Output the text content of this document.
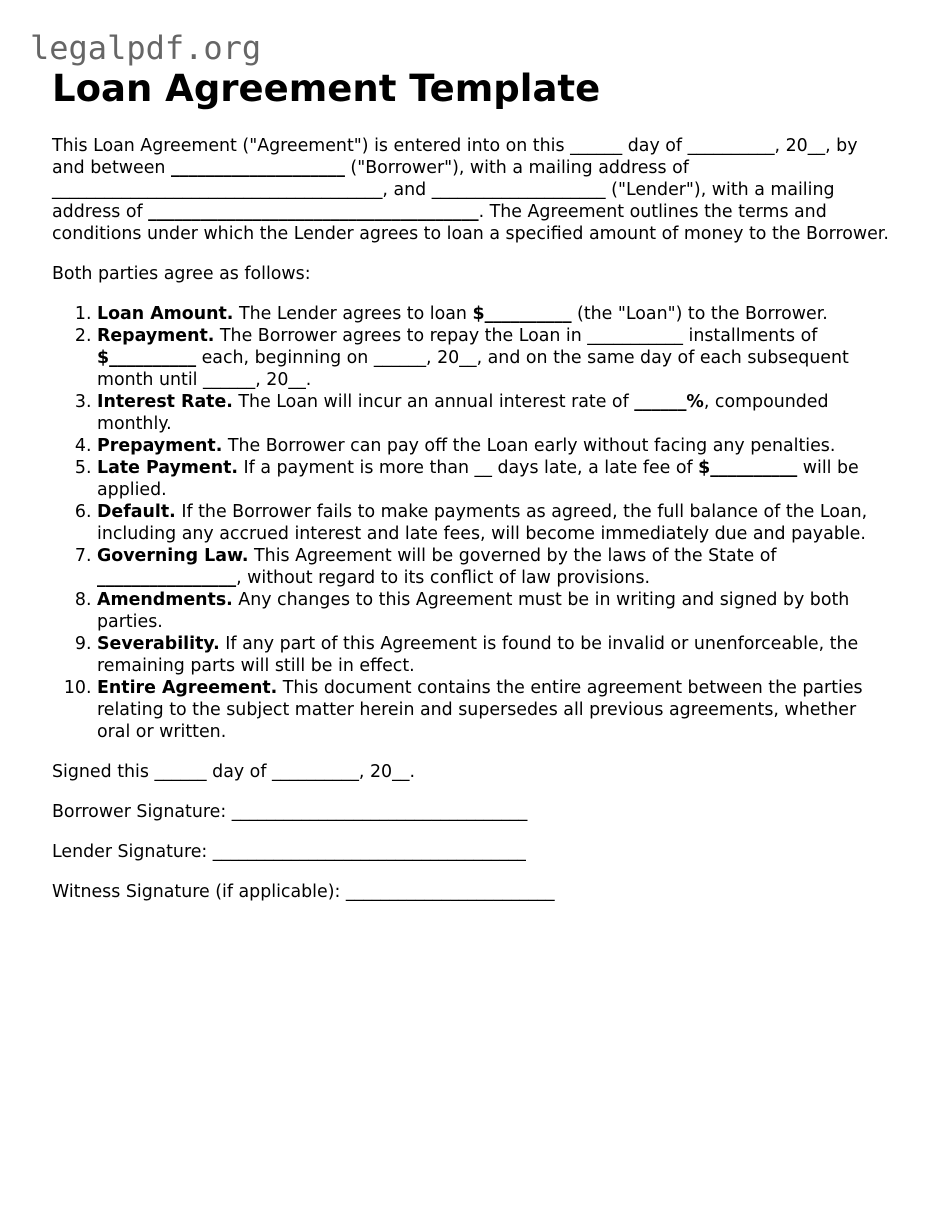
legalpdf.org
Loan Agreement Template
This Loan Agreement ("Agreement") is entered into on this ______ day of __________, 20__, by and between ____________________ ("Borrower"), with a mailing address of ______________________________________, and ____________________ ("Lender"), with a mailing address of ______________________________________. The Agreement outlines the terms and conditions under which the Lender agrees to loan a specified amount of money to the Borrower.
Both parties agree as follows:
1. Loan Amount. The Lender agrees to loan $__________ (the "Loan") to the Borrower.
2. Repayment. The Borrower agrees to repay the Loan in ___________ installments of $__________ each, beginning on ______, 20__, and on the same day of each subsequent month until ______, 20__.
3. Interest Rate. The Loan will incur an annual interest rate of ______%, compounded monthly.
4. Prepayment. The Borrower can pay off the Loan early without facing any penalties.
5. Late Payment. If a payment is more than __ days late, a late fee of $__________ will be applied.
6. Default. If the Borrower fails to make payments as agreed, the full balance of the Loan, including any accrued interest and late fees, will become immediately due and payable.
7. Governing Law. This Agreement will be governed by the laws of the State of ________________, without regard to its conflict of law provisions.
8. Amendments. Any changes to this Agreement must be in writing and signed by both parties.
9. Severability. If any part of this Agreement is found to be invalid or unenforceable, the remaining parts will still be in effect.
10. Entire Agreement. This document contains the entire agreement between the parties relating to the subject matter herein and supersedes all previous agreements, whether oral or written.
Signed this ______ day of __________, 20__.
Borrower Signature: __________________________________
Lender Signature: ____________________________________
Witness Signature (if applicable): ________________________
